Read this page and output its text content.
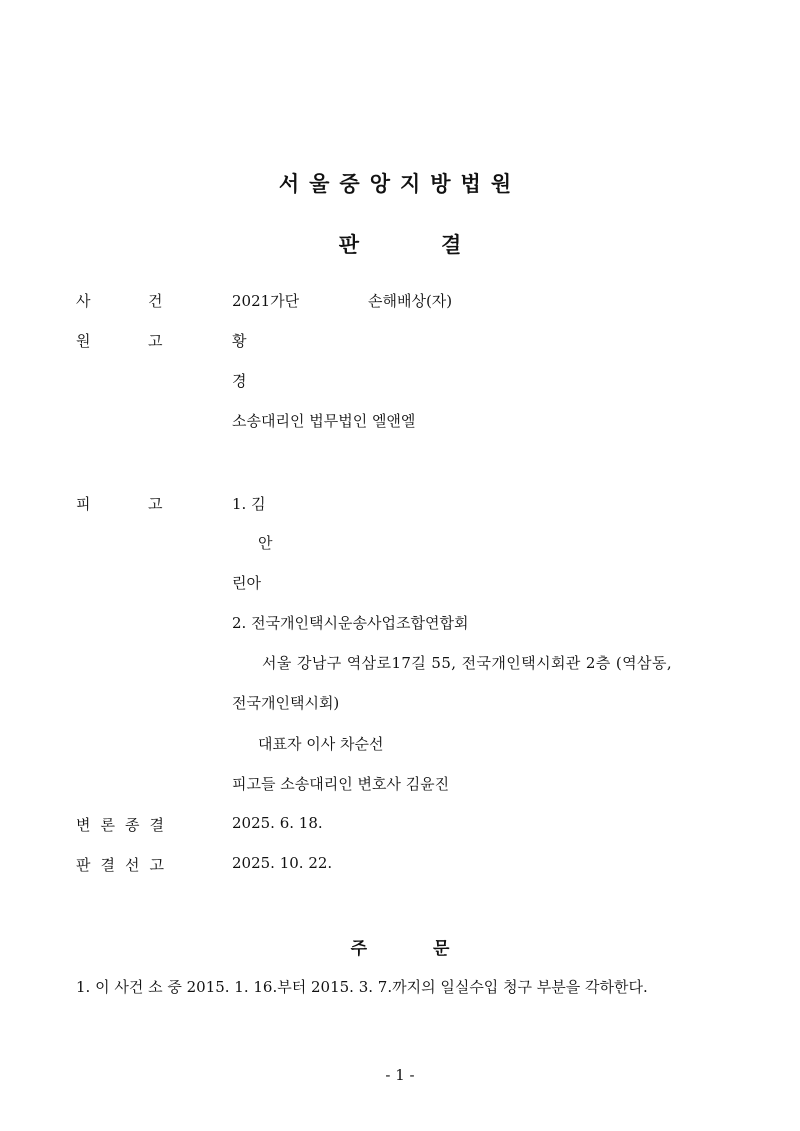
서울중앙지방법원
판	결
사	건	2021가단	손해배상(자)
원	고	황
경
소송대리인 법무법인 엘앤엘
피	고	1. 김
안
린아
2. 전국개인택시운송사업조합연합회
서울 강남구 역삼로17길 55, 전국개인택시회관 2층 (역삼동,
전국개인택시회)
대표자 이사 차순선
피고들 소송대리인 변호사 김윤진
변론종결	2025. 6. 18.
판결선고	2025. 10. 22.
주	문
1. 이 사건 소 중 2015. 1. 16.부터 2015. 3. 7.까지의 일실수입 청구 부분을 각하한다.
- 1 -
